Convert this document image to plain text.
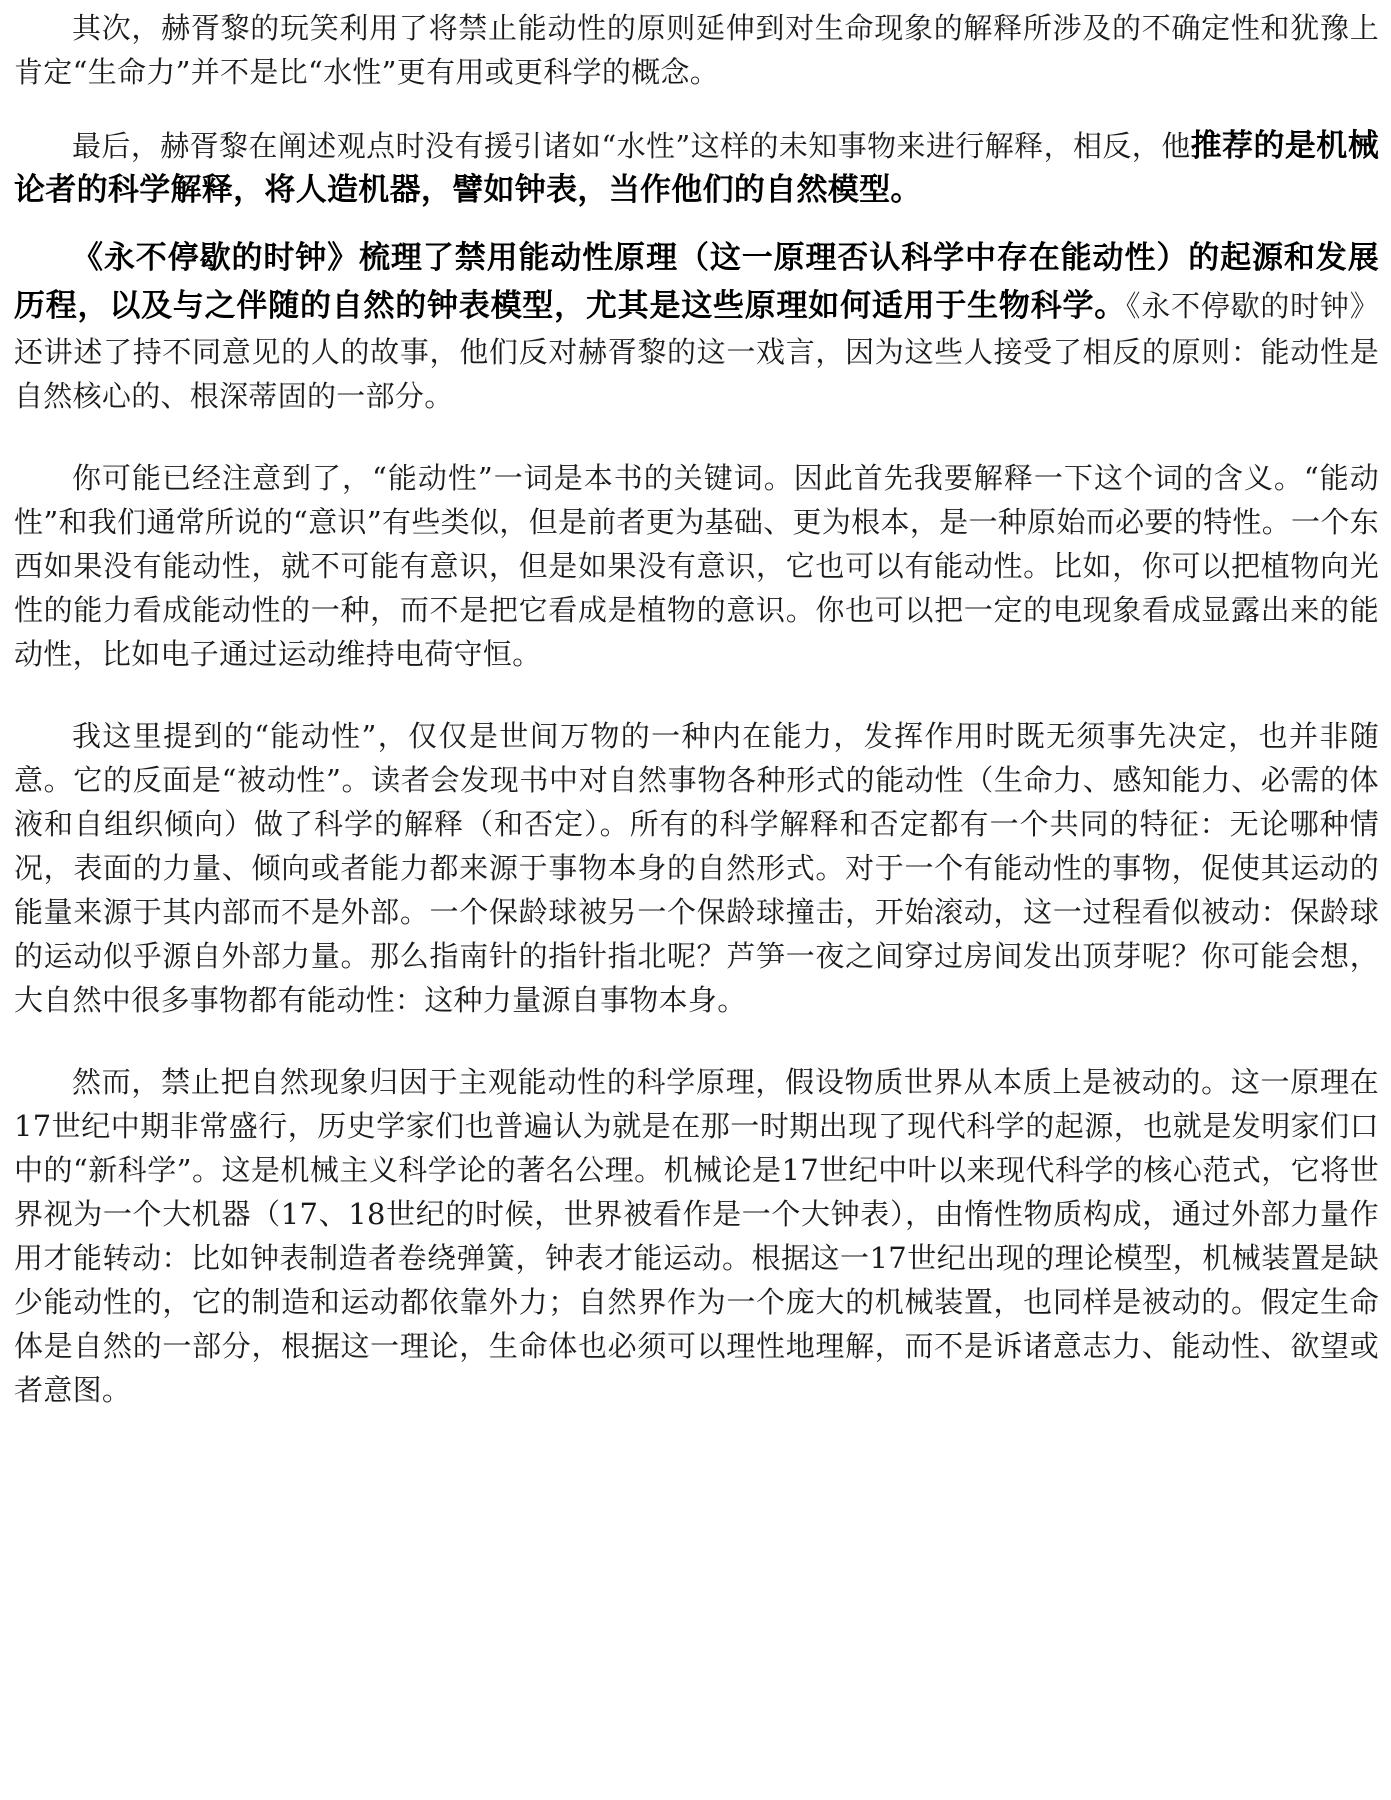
其次，赫胥黎的玩笑利用了将禁止能动性的原则延伸到对生命现象的解释所涉及的不确定性和犹豫上肯定“生命力”并不是比“水性”更有用或更科学的概念。

最后，赫胥黎在阐述观点时没有援引诸如“水性”这样的未知事物来进行解释，相反，他推荐的是机械论者的科学解释，将人造机器，譬如钟表，当作他们的自然模型。

《永不停歇的时钟》梳理了禁用能动性原理（这一原理否认科学中存在能动性）的起源和发展历程，以及与之伴随的自然的钟表模型，尤其是这些原理如何适用于生物科学。《永不停歇的时钟》还讲述了持不同意见的人的故事，他们反对赫胥黎的这一戏言，因为这些人接受了相反的原则：能动性是自然核心的、根深蒂固的一部分。

你可能已经注意到了，“能动性”一词是本书的关键词。因此首先我要解释一下这个词的含义。“能动性”和我们通常所说的“意识”有些类似，但是前者更为基础、更为根本，是一种原始而必要的特性。一个东西如果没有能动性，就不可能有意识，但是如果没有意识，它也可以有能动性。比如，你可以把植物向光性的能力看成能动性的一种，而不是把它看成是植物的意识。你也可以把一定的电现象看成显露出来的能动性，比如电子通过运动维持电荷守恒。

我这里提到的“能动性”，仅仅是世间万物的一种内在能力，发挥作用时既无须事先决定，也并非随意。它的反面是“被动性”。读者会发现书中对自然事物各种形式的能动性（生命力、感知能力、必需的体液和自组织倾向）做了科学的解释（和否定）。所有的科学解释和否定都有一个共同的特征：无论哪种情况，表面的力量、倾向或者能力都来源于事物本身的自然形式。对于一个有能动性的事物，促使其运动的能量来源于其内部而不是外部。一个保龄球被另一个保龄球撞击，开始滚动，这一过程看似被动：保龄球的运动似乎源自外部力量。那么指南针的指针指北呢？芦笋一夜之间穿过房间发出顶芽呢？你可能会想，大自然中很多事物都有能动性：这种力量源自事物本身。

然而，禁止把自然现象归因于主观能动性的科学原理，假设物质世界从本质上是被动的。这一原理在17世纪中期非常盛行，历史学家们也普遍认为就是在那一时期出现了现代科学的起源，也就是发明家们口中的“新科学”。这是机械主义科学论的著名公理。机械论是17世纪中叶以来现代科学的核心范式，它将世界视为一个大机器（17、18世纪的时候，世界被看作是一个大钟表），由惰性物质构成，通过外部力量作用才能转动：比如钟表制造者卷绕弹簧，钟表才能运动。根据这一17世纪出现的理论模型，机械装置是缺少能动性的，它的制造和运动都依靠外力；自然界作为一个庞大的机械装置，也同样是被动的。假定生命体是自然的一部分，根据这一理论，生命体也必须可以理性地理解，而不是诉诸意志力、能动性、欲望或者意图。
